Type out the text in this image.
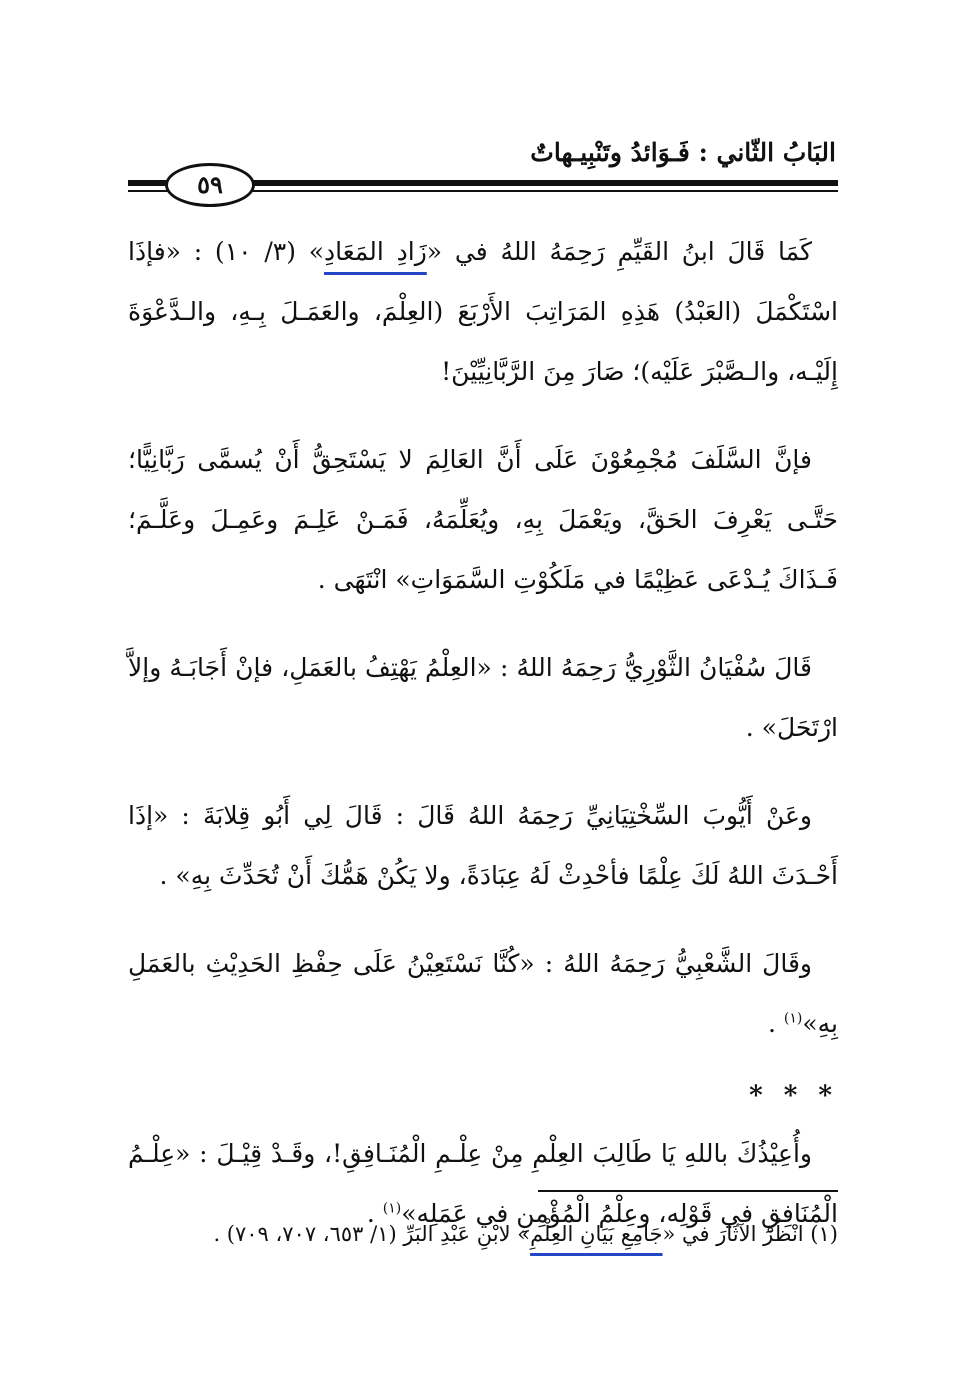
البَابُ الثّاني : فَـوَائدُ وتَنْبِيـهاتٌ
٥٩

كَمَا قَالَ ابنُ القَيِّمِ رَحِمَهُ اللهُ في «زَادِ المَعَادِ» (٣/ ١٠) : «فإذَا اسْتَكْمَلَ (العَبْدُ) هَذِهِ المَرَاتِبَ الأَرْبَعَ (العِلْمَ، والعَمَـلَ بِـهِ، والـدَّعْوَةَ إِلَيْـه، والـصَّبْرَ عَلَيْه)؛ صَارَ مِنَ الرَّبَّانِيِّيْنَ!

فإنَّ السَّلَفَ مُجْمِعُوْنَ عَلَى أَنَّ العَالِمَ لا يَسْتَحِقُّ أَنْ يُسمَّى رَبَّانِيًّا؛ حَتَّـى يَعْرِفَ الحَقَّ، ويَعْمَلَ بِهِ، ويُعَلِّمَهُ، فَمَـنْ عَلِـمَ وعَمِـلَ وعَلَّـمَ؛ فَـذَاكَ يُـدْعَى عَظِيْمًا في مَلَكُوْتِ السَّمَوَاتِ» انْتَهَى .

قَالَ سُفْيَانُ الثَّوْرِيُّ رَحِمَهُ اللهُ : «العِلْمُ يَهْتِفُ بالعَمَلِ، فإنْ أَجَابَـهُ وإلاَّ ارْتَحَلَ» .

وعَنْ أَيُّوبَ السِّخْتِيَانِيِّ رَحِمَهُ اللهُ قَالَ : قَالَ لِي أَبُو قِلابَةَ : «إذَا أَحْـدَثَ اللهُ لَكَ عِلْمًا فأحْدِثْ لَهُ عِبَادَةً، ولا يَكُنْ هَمُّكَ أَنْ تُحَدِّثَ بِهِ» .

وقَالَ الشَّعْبِيُّ رَحِمَهُ اللهُ : «كُنَّا نَسْتَعِيْنُ عَلَى حِفْظِ الحَدِيْثِ بالعَمَلِ بِهِ»$^{(١)}$ .

* * *

وأُعِيْذُكَ باللهِ يَا طَالِبَ العِلْمِ مِنْ عِلْـمِ الْمُنَـافِقِ!، وقَـدْ قِيْـلَ : «عِلْـمُ الْمُنَافِقِ في قَوْلِه، وعِلْمُ الْمُؤْمِنِ في عَمَلِه»$^{(١)}$ .

(١) انْظُرْ الآثَارَ في «جَامِعِ بَيَانِ العِلْمِ» لابْنِ عَبْدِ البَرِّ (١/ ٦٥٣، ٧٠٧، ٧٠٩) .
